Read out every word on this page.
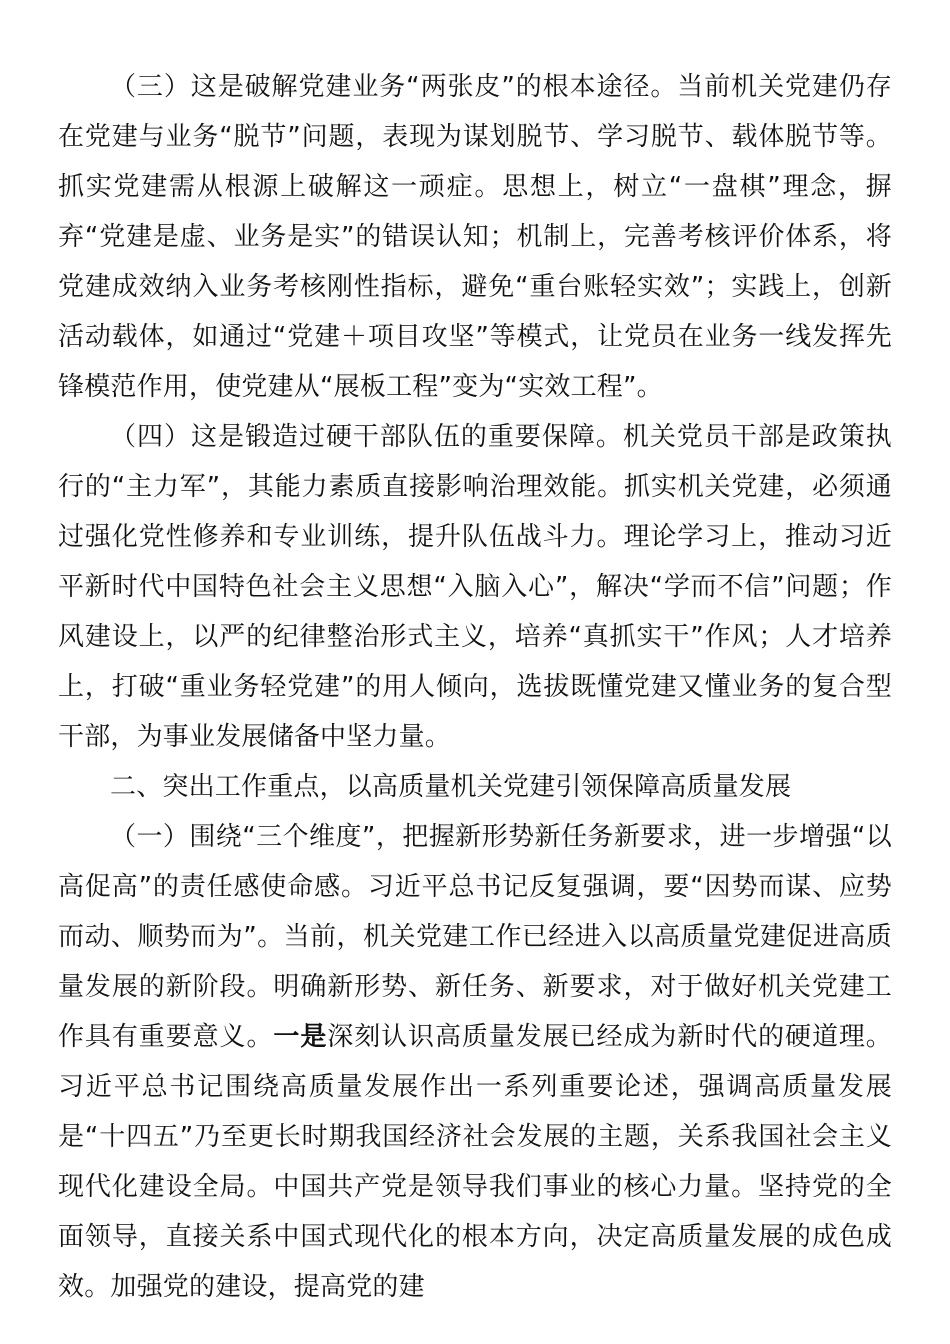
（三）这是破解党建业务“两张皮”的根本途径。当前机关党建仍存在党建与业务“脱节”问题，表现为谋划脱节、学习脱节、载体脱节等。抓实党建需从根源上破解这一顽症。思想上，树立“一盘棋”理念，摒弃“党建是虚、业务是实”的错误认知；机制上，完善考核评价体系，将党建成效纳入业务考核刚性指标，避免“重台账轻实效”；实践上，创新活动载体，如通过“党建＋项目攻坚”等模式，让党员在业务一线发挥先锋模范作用，使党建从“展板工程”变为“实效工程”。

（四）这是锻造过硬干部队伍的重要保障。机关党员干部是政策执行的“主力军”，其能力素质直接影响治理效能。抓实机关党建，必须通过强化党性修养和专业训练，提升队伍战斗力。理论学习上，推动习近平新时代中国特色社会主义思想“入脑入心”，解决“学而不信”问题；作风建设上，以严的纪律整治形式主义，培养“真抓实干”作风；人才培养上，打破“重业务轻党建”的用人倾向，选拔既懂党建又懂业务的复合型干部，为事业发展储备中坚力量。

二、突出工作重点，以高质量机关党建引领保障高质量发展

（一）围绕“三个维度”，把握新形势新任务新要求，进一步增强“以高促高”的责任感使命感。习近平总书记反复强调，要“因势而谋、应势而动、顺势而为”。当前，机关党建工作已经进入以高质量党建促进高质量发展的新阶段。明确新形势、新任务、新要求，对于做好机关党建工作具有重要意义。一是深刻认识高质量发展已经成为新时代的硬道理。习近平总书记围绕高质量发展作出一系列重要论述，强调高质量发展是“十四五”乃至更长时期我国经济社会发展的主题，关系我国社会主义现代化建设全局。中国共产党是领导我们事业的核心力量。坚持党的全面领导，直接关系中国式现代化的根本方向，决定高质量发展的成色成效。加强党的建设，提高党的建
